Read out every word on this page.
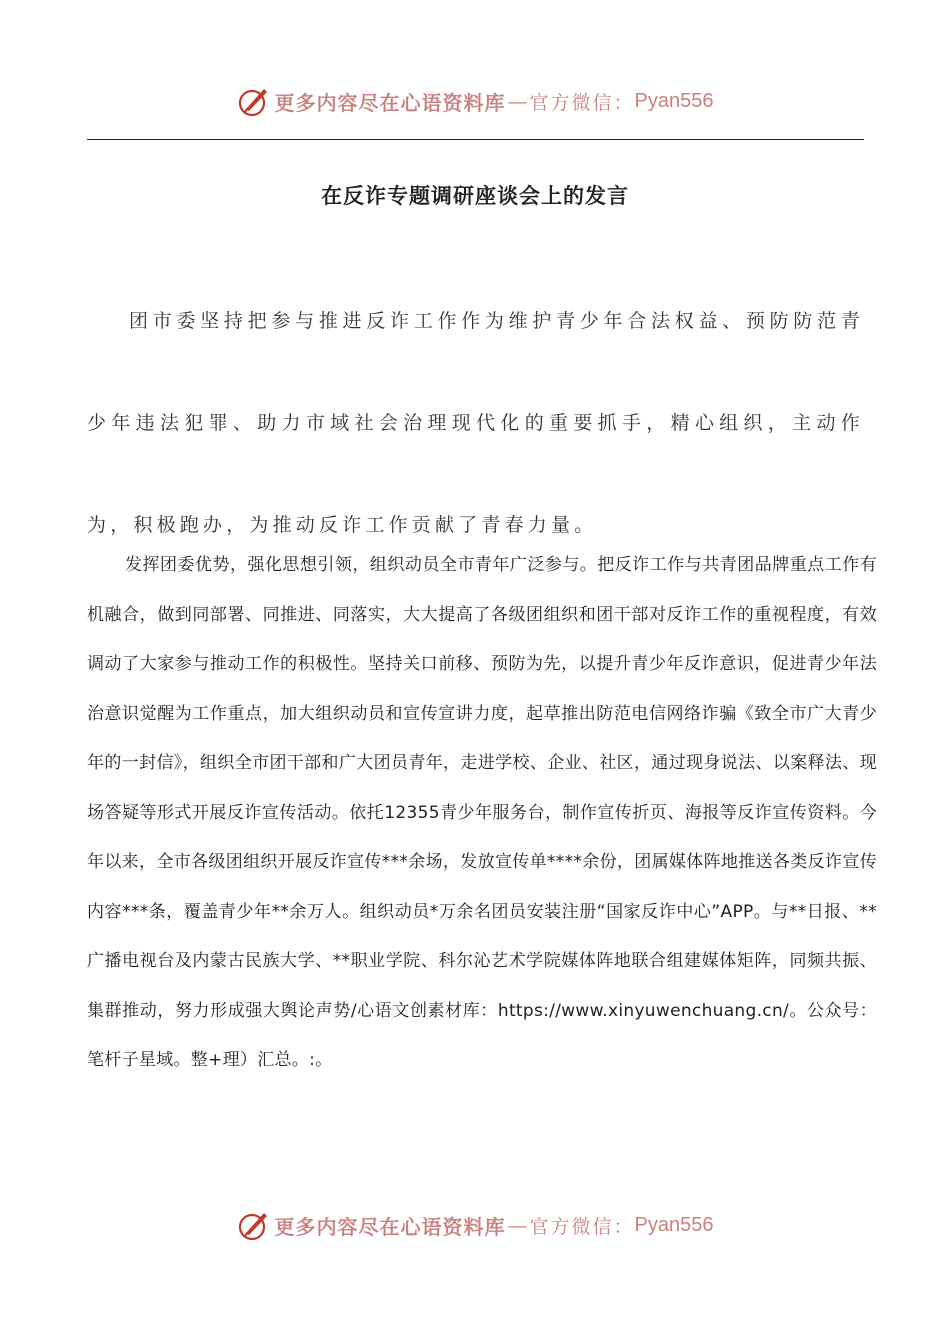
更多内容尽在心语资料库 — 官方微信： Pyan556
在反诈专题调研座谈会上的发言

团市委坚持把参与推进反诈工作作为维护青少年合法权益、预防防范青少年违法犯罪、助力市域社会治理现代化的重要抓手，精心组织，主动作为，积极跑办，为推动反诈工作贡献了青春力量。

发挥团委优势，强化思想引领，组织动员全市青年广泛参与。把反诈工作与共青团品牌重点工作有机融合，做到同部署、同推进、同落实，大大提高了各级团组织和团干部对反诈工作的重视程度，有效调动了大家参与推动工作的积极性。坚持关口前移、预防为先，以提升青少年反诈意识，促进青少年法治意识觉醒为工作重点，加大组织动员和宣传宣讲力度，起草推出防范电信网络诈骗《致全市广大青少年的一封信》，组织全市团干部和广大团员青年，走进学校、企业、社区，通过现身说法、以案释法、现场答疑等形式开展反诈宣传活动。依托12355青少年服务台，制作宣传折页、海报等反诈宣传资料。今年以来，全市各级团组织开展反诈宣传***余场，发放宣传单****余份，团属媒体阵地推送各类反诈宣传内容***条，覆盖青少年**余万人。组织动员*万余名团员安装注册“国家反诈中心”APP。与**日报、**广播电视台及内蒙古民族大学、**职业学院、科尔沁艺术学院媒体阵地联合组建媒体矩阵，同频共振、集群推动，努力形成强大舆论声势/心语文创素材库：https://www.xinyuwenchuang.cn/。公众号：笔杆子星域。整+理）汇总。:。

更多内容尽在心语资料库 — 官方微信： Pyan556
